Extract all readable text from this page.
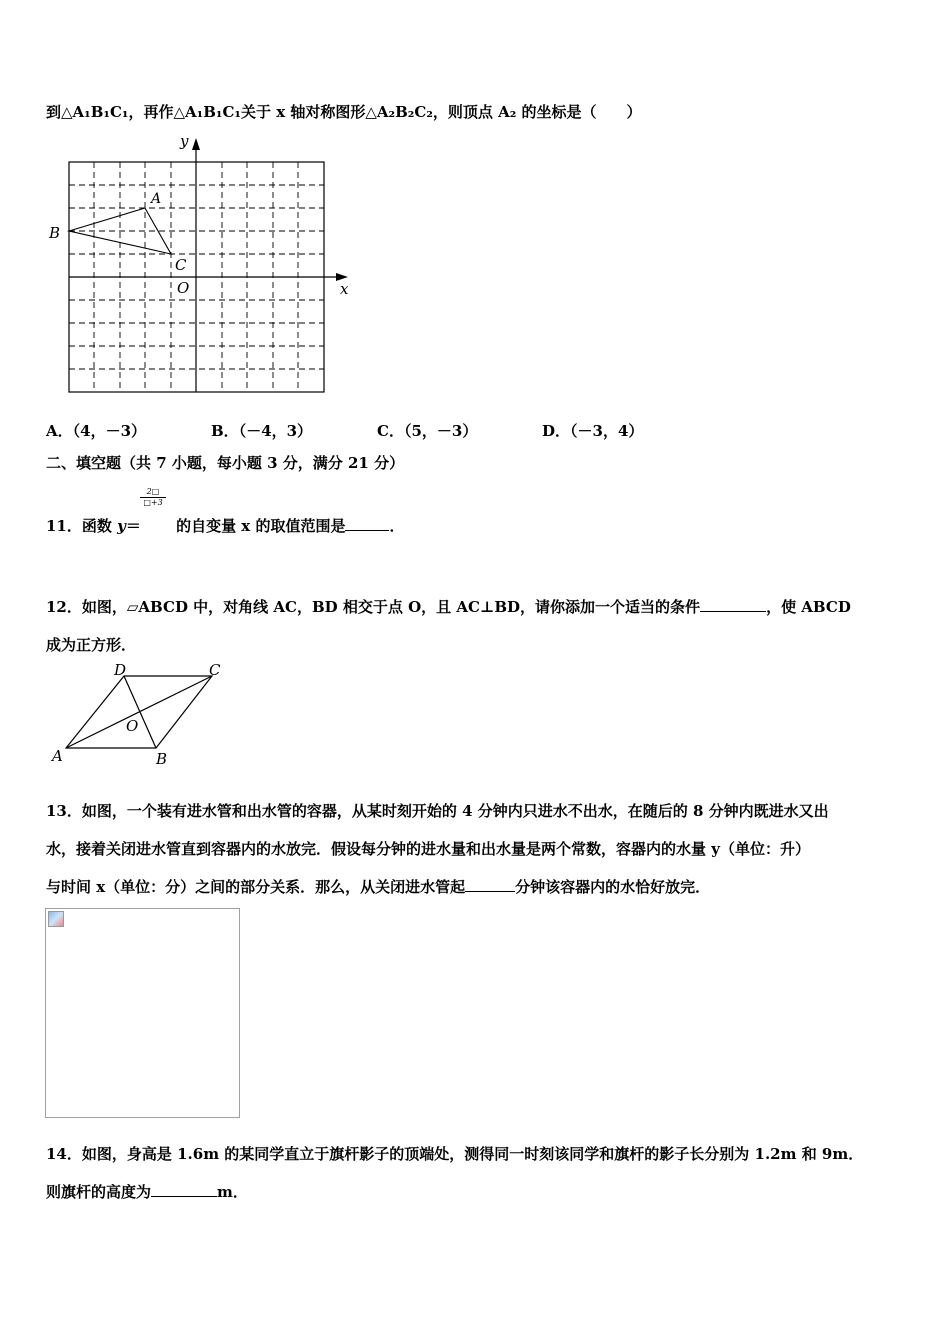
到△A₁B₁C₁，再作△A₁B₁C₁关于 x 轴对称图形△A₂B₂C₂，则顶点 A₂ 的坐标是（　　）
y
x
O
A
B
C
A．（4，－3）	B．（－4，3）	C．（5，－3）	D．（－3，4）
二、填空题（共 7 小题，每小题 3 分，满分 21 分）
$\frac{2□}{□+3}$
11．函数 y＝ 的自变量 x 的取值范围是	．
12．如图，▱ABCD 中，对角线 AC，BD 相交于点 O，且 AC⊥BD，请你添加一个适当的条件	，使 ABCD
成为正方形．
D	C
O
A	B
13．如图，一个装有进水管和出水管的容器，从某时刻开始的 4 分钟内只进水不出水，在随后的 8 分钟内既进水又出
水，接着关闭进水管直到容器内的水放完．假设每分钟的进水量和出水量是两个常数，容器内的水量 y（单位：升）
与时间 x（单位：分）之间的部分关系．那么，从关闭进水管起	分钟该容器内的水恰好放完．
14．如图，身高是 1.6m 的某同学直立于旗杆影子的顶端处，测得同一时刻该同学和旗杆的影子长分别为 1.2m 和 9m．
则旗杆的高度为	m．
